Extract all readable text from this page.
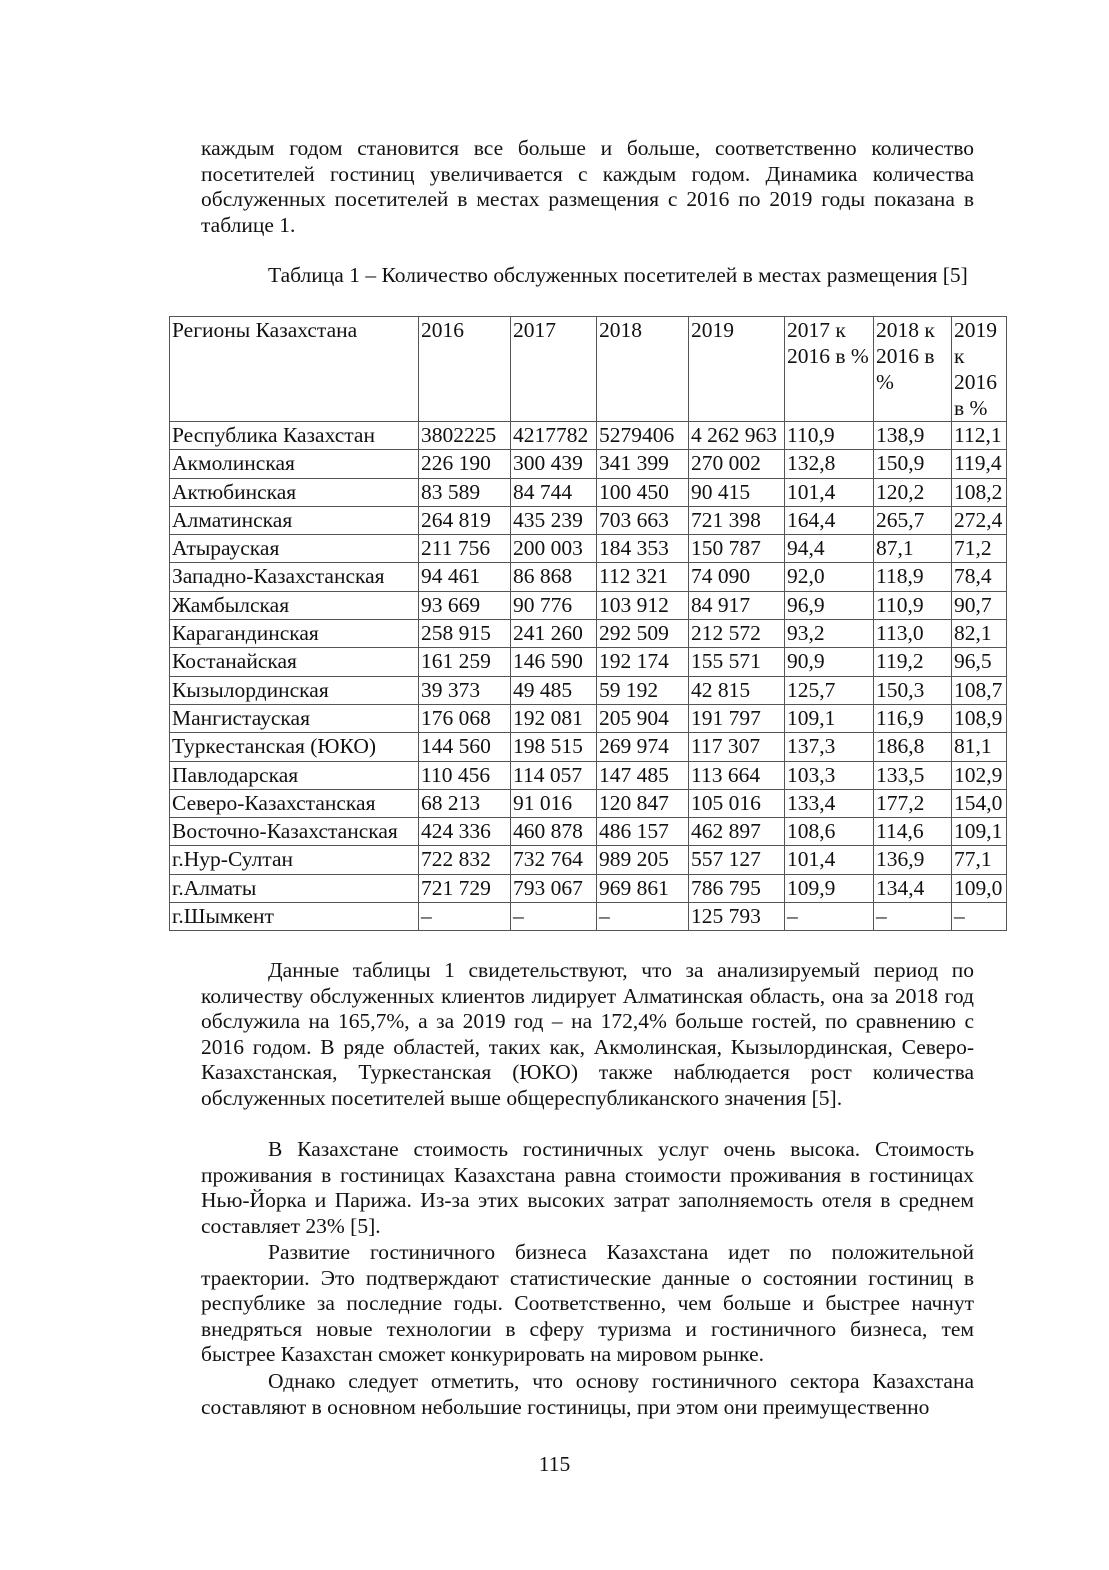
каждым годом становится все больше и больше, соответственно количество посетителей гостиниц увеличивается с каждым годом. Динамика количества обслуженных посетителей в местах размещения с 2016 по 2019 годы показана в таблице 1.

Таблица 1 – Количество обслуженных посетителей в местах размещения [5]

Регионы Казахстана	2016	2017	2018	2019	2017 к 2016 в %	2018 к 2016 в %	2019 к 2016 в %
Республика Казахстан	3802225	4217782	5279406	4 262 963	110,9	138,9	112,1
Акмолинская	226 190	300 439	341 399	270 002	132,8	150,9	119,4
Актюбинская	83 589	84 744	100 450	90 415	101,4	120,2	108,2
Алматинская	264 819	435 239	703 663	721 398	164,4	265,7	272,4
Атырауская	211 756	200 003	184 353	150 787	94,4	87,1	71,2
Западно-Казахстанская	94 461	86 868	112 321	74 090	92,0	118,9	78,4
Жамбылская	93 669	90 776	103 912	84 917	96,9	110,9	90,7
Карагандинская	258 915	241 260	292 509	212 572	93,2	113,0	82,1
Костанайская	161 259	146 590	192 174	155 571	90,9	119,2	96,5
Кызылординская	39 373	49 485	59 192	42 815	125,7	150,3	108,7
Мангистауская	176 068	192 081	205 904	191 797	109,1	116,9	108,9
Туркестанская (ЮКО)	144 560	198 515	269 974	117 307	137,3	186,8	81,1
Павлодарская	110 456	114 057	147 485	113 664	103,3	133,5	102,9
Северо-Казахстанская	68 213	91 016	120 847	105 016	133,4	177,2	154,0
Восточно-Казахстанская	424 336	460 878	486 157	462 897	108,6	114,6	109,1
г.Нур-Султан	722 832	732 764	989 205	557 127	101,4	136,9	77,1
г.Алматы	721 729	793 067	969 861	786 795	109,9	134,4	109,0
г.Шымкент	–	–	–	125 793	–	–	–

Данные таблицы 1 свидетельствуют, что за анализируемый период по количеству обслуженных клиентов лидирует Алматинская область, она за 2018 год обслужила на 165,7%, а за 2019 год – на 172,4% больше гостей, по сравнению с 2016 годом. В ряде областей, таких как, Акмолинская, Кызылординская, Северо-Казахстанская, Туркестанская (ЮКО) также наблюдается рост количества обслуженных посетителей выше общереспубликанского значения [5].

В Казахстане стоимость гостиничных услуг очень высока. Стоимость проживания в гостиницах Казахстана равна стоимости проживания в гостиницах Нью-Йорка и Парижа. Из-за этих высоких затрат заполняемость отеля в среднем составляет 23% [5].

Развитие гостиничного бизнеса Казахстана идет по положительной траектории. Это подтверждают статистические данные о состоянии гостиниц в республике за последние годы. Соответственно, чем больше и быстрее начнут внедряться новые технологии в сферу туризма и гостиничного бизнеса, тем быстрее Казахстан сможет конкурировать на мировом рынке.

Однако следует отметить, что основу гостиничного сектора Казахстана составляют в основном небольшие гостиницы, при этом они преимущественно

115
